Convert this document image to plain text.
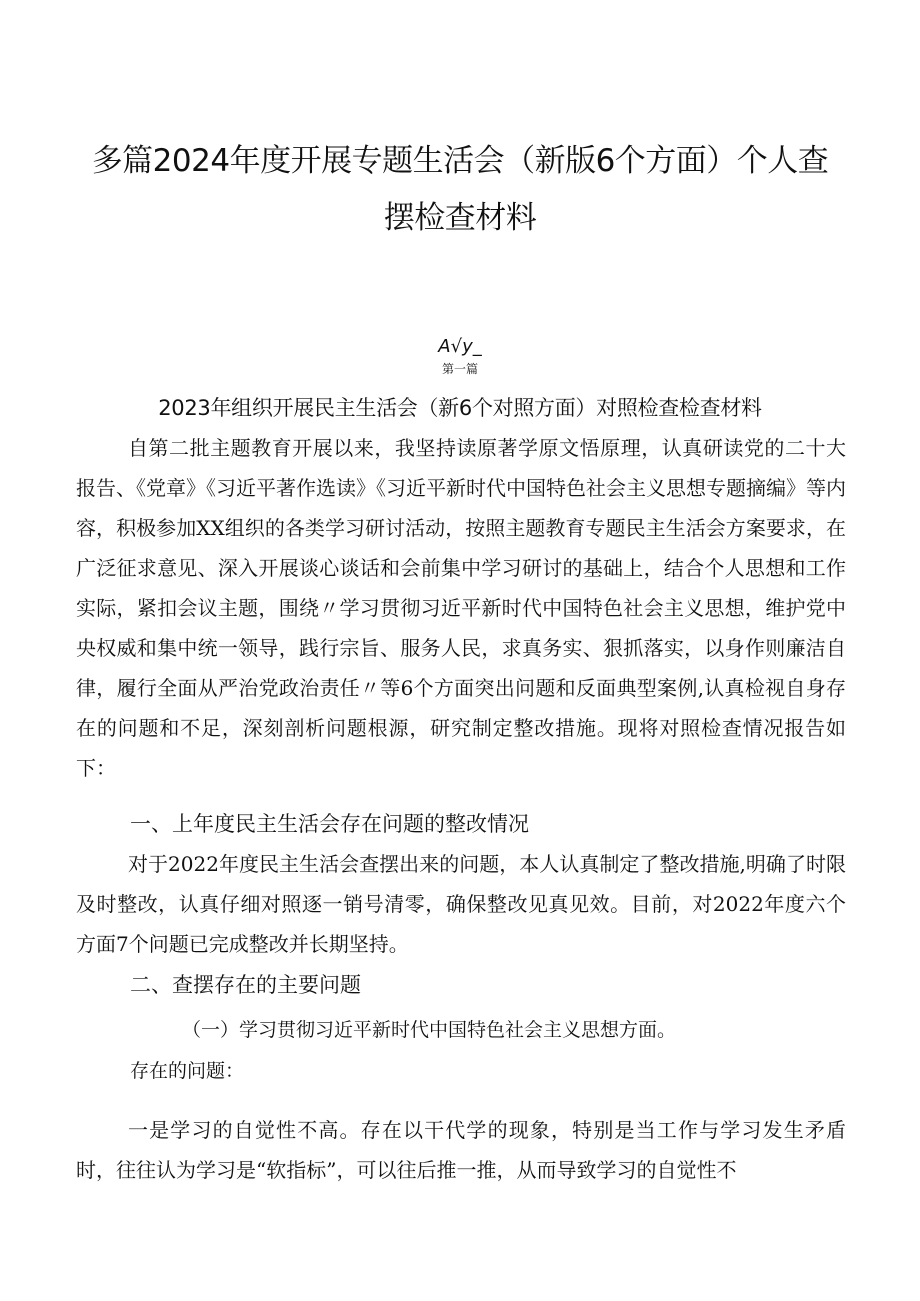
多篇2024年度开展专题生活会（新版6个方面）个人查
摆检查材料
A√y_
第一篇
2023年组织开展民主生活会（新6个对照方面）对照检查检查材料
自第二批主题教育开展以来，我坚持读原著学原文悟原理，认真研读党的二十大报告、《党章》《习近平著作选读》《习近平新时代中国特色社会主义思想专题摘编》等内容，积极参加XX组织的各类学习研讨活动，按照主题教育专题民主生活会方案要求，在广泛征求意见、深入开展谈心谈话和会前集中学习研讨的基础上，结合个人思想和工作实际，紧扣会议主题，围绕〃学习贯彻习近平新时代中国特色社会主义思想，维护党中央权威和集中统一领导，践行宗旨、服务人民，求真务实、狠抓落实，以身作则廉洁自律，履行全面从严治党政治责任〃等6个方面突出问题和反面典型案例,认真检视自身存在的问题和不足，深刻剖析问题根源，研究制定整改措施。现将对照检查情况报告如下：
一、上年度民主生活会存在问题的整改情况
对于2022年度民主生活会查摆出来的问题，本人认真制定了整改措施,明确了时限及时整改，认真仔细对照逐一销号清零，确保整改见真见效。目前，对2022年度六个方面7个问题已完成整改并长期坚持。
二、查摆存在的主要问题
（一）学习贯彻习近平新时代中国特色社会主义思想方面。
存在的问题：
一是学习的自觉性不高。存在以干代学的现象，特别是当工作与学习发生矛盾时，往往认为学习是“软指标”，可以往后推一推，从而导致学习的自觉性不
